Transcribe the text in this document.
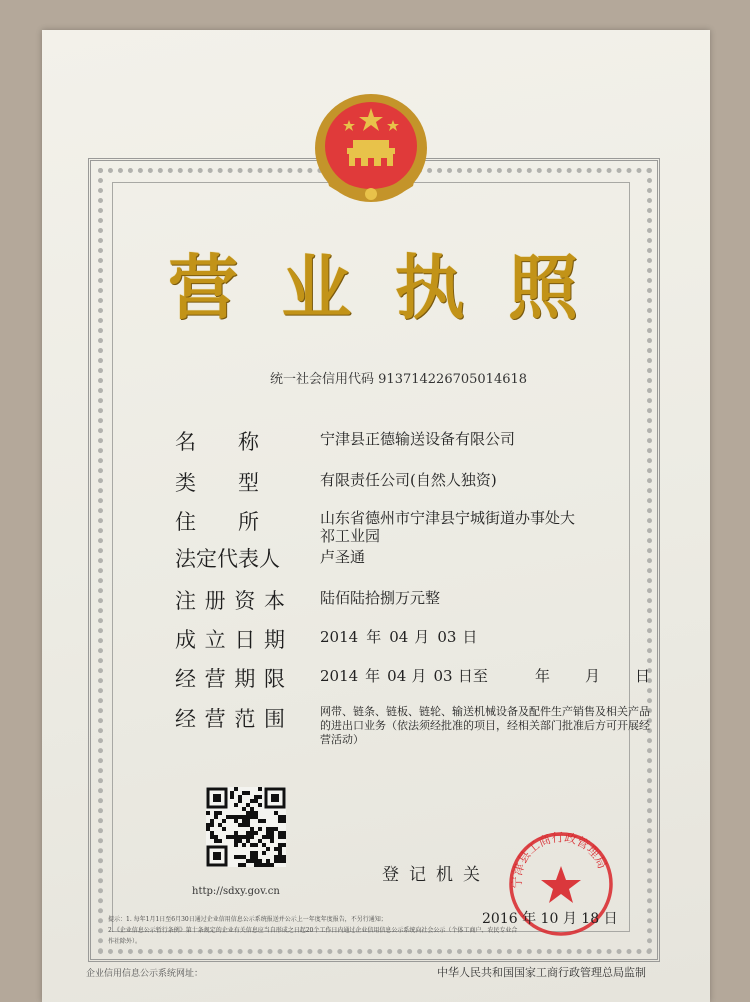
营 业 执 照
统一社会信用代码 913714226705014618
名 称	宁津县正德输送设备有限公司
类 型	有限责任公司(自然人独资)
住 所	山东省德州市宁津县宁城街道办事处大
祁工业园
法定代表人	卢圣通
注 册 资 本 陆佰陆拾捌万元整
成 立 日 期 2014 年 04 月 03 日
经 营 期 限 2014 年 04 月 03 日 至	年 月 日
经 营 范 围	网带、链条、链板、链轮、输送机械设备及配件生产销售及相关产品的进出口业务（依法须经批准的项目，经相关部门批准后方可开展经营活动）
http://sdxy.gov.cn
登记机关 宁津县工商行政管理局
2016 年 10 月 18 日
提示：1. 每年1月1日至6月30日通过企业信用信息公示系统报送并公示上一年度年度报告，不另行通知；
2.《企业信息公示暂行条例》第十条规定的企业有关信息应当自形成之日起20个工作日内通过企业信用信息公示系统向社会公示（个体工商户、农民专业合作社除外）。
企业信用信息公示系统网址：	中华人民共和国国家工商行政管理总局监制
